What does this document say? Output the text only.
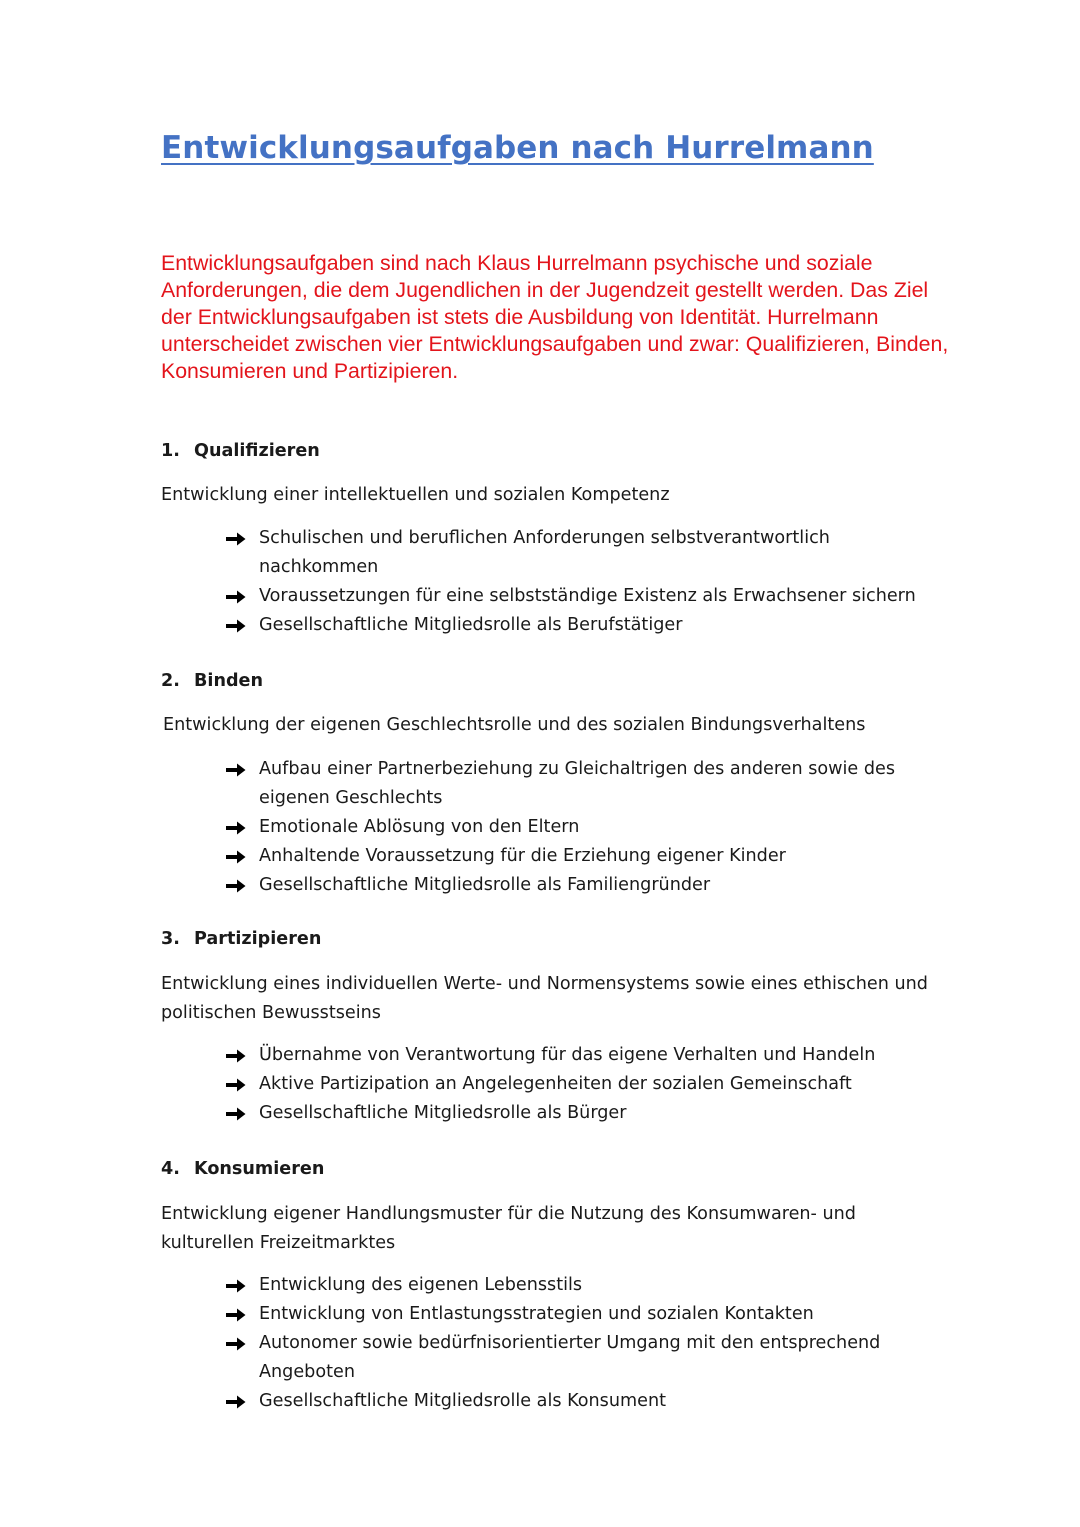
Entwicklungsaufgaben nach Hurrelmann

Entwicklungsaufgaben sind nach Klaus Hurrelmann psychische und soziale Anforderungen, die dem Jugendlichen in der Jugendzeit gestellt werden. Das Ziel der Entwicklungsaufgaben ist stets die Ausbildung von Identität. Hurrelmann unterscheidet zwischen vier Entwicklungsaufgaben und zwar: Qualifizieren, Binden, Konsumieren und Partizipieren.

1. Qualifizieren

Entwicklung einer intellektuellen und sozialen Kompetenz

Schulischen und beruflichen Anforderungen selbstverantwortlich nachkommen
Voraussetzungen für eine selbstständige Existenz als Erwachsener sichern
Gesellschaftliche Mitgliedsrolle als Berufstätiger
2. Binden

Entwicklung der eigenen Geschlechtsrolle und des sozialen Bindungsverhaltens

Aufbau einer Partnerbeziehung zu Gleichaltrigen des anderen sowie des eigenen Geschlechts
Emotionale Ablösung von den Eltern
Anhaltende Voraussetzung für die Erziehung eigener Kinder
Gesellschaftliche Mitgliedsrolle als Familiengründer
3. Partizipieren

Entwicklung eines individuellen Werte- und Normensystems sowie eines ethischen und politischen Bewusstseins

Übernahme von Verantwortung für das eigene Verhalten und Handeln
Aktive Partizipation an Angelegenheiten der sozialen Gemeinschaft
Gesellschaftliche Mitgliedsrolle als Bürger
4. Konsumieren

Entwicklung eigener Handlungsmuster für die Nutzung des Konsumwaren- und kulturellen Freizeitmarktes

Entwicklung des eigenen Lebensstils
Entwicklung von Entlastungsstrategien und sozialen Kontakten
Autonomer sowie bedürfnisorientierter Umgang mit den entsprechend Angeboten
Gesellschaftliche Mitgliedsrolle als Konsument
